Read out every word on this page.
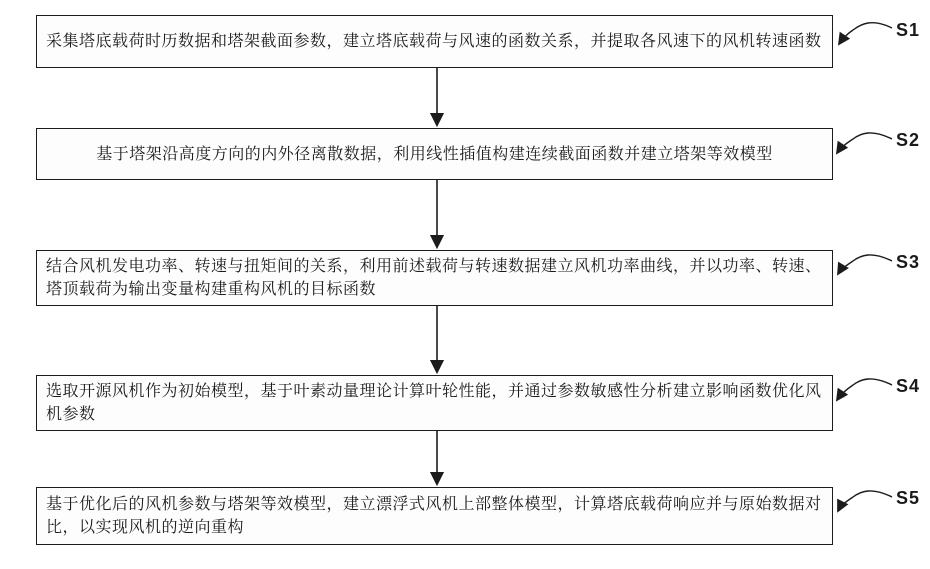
采集塔底载荷时历数据和塔架截面参数，建立塔底载荷与风速的函数关系，并提取各风速下的风机转速函数
基于塔架沿高度方向的内外径离散数据，利用线性插值构建连续截面函数并建立塔架等效模型
结合风机发电功率、转速与扭矩间的关系，利用前述载荷与转速数据建立风机功率曲线，并以功率、转速、塔顶载荷为输出变量构建重构风机的目标函数
选取开源风机作为初始模型，基于叶素动量理论计算叶轮性能，并通过参数敏感性分析建立影响函数优化风机参数
基于优化后的风机参数与塔架等效模型，建立漂浮式风机上部整体模型，计算塔底载荷响应并与原始数据对比，以实现风机的逆向重构
S1
S2
S3
S4
S5
